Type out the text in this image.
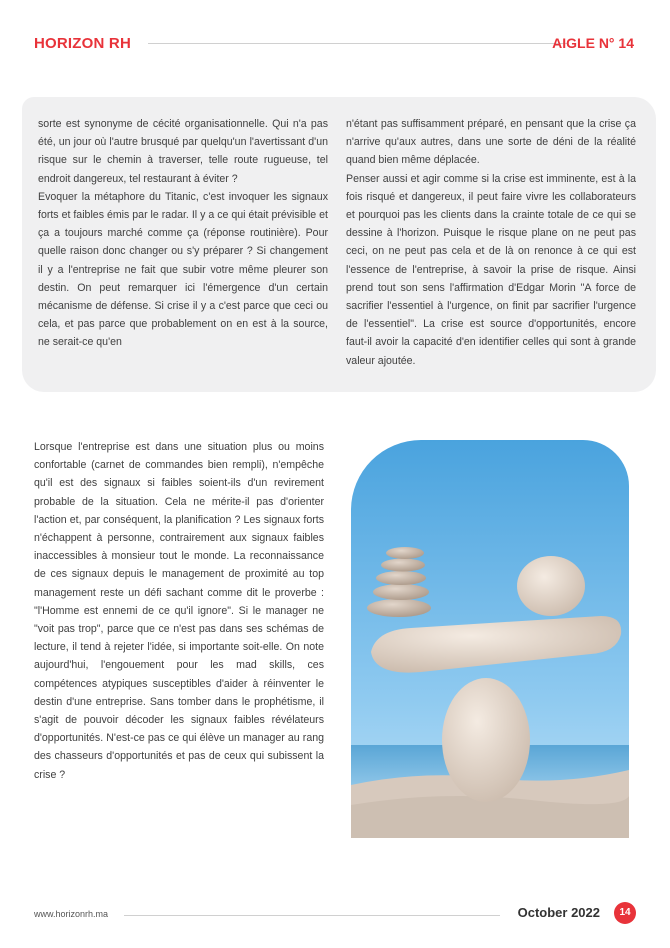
HORIZON RH	AIGLE N° 14

sorte est synonyme de cécité organisationnelle. Qui n'a pas été, un jour où l'autre brusqué par quelqu'un l'avertissant d'un risque sur le chemin à traverser, telle route rugueuse, tel endroit dangereux, tel restaurant à éviter ?

Evoquer la métaphore du Titanic, c'est invoquer les signaux forts et faibles émis par le radar. Il y a ce qui était prévisible et ça a toujours marché comme ça (réponse routinière). Pour quelle raison donc changer ou s'y préparer ? Si changement il y a l'entreprise ne fait que subir votre même pleurer son destin. On peut remarquer ici l'émergence d'un certain mécanisme de défense. Si crise il y a c'est parce que ceci ou cela, et pas parce que probablement on en est à la source, ne serait-ce qu'en

n'étant pas suffisamment préparé, en pensant que la crise ça n'arrive qu'aux autres, dans une sorte de déni de la réalité quand bien même déplacée.

Penser aussi et agir comme si la crise est imminente, est à la fois risqué et dangereux, il peut faire vivre les collaborateurs et pourquoi pas les clients dans la crainte totale de ce qui se dessine à l'horizon. Puisque le risque plane on ne peut pas ceci, on ne peut pas cela et de là on renonce à ce qui est l'essence de l'entreprise, à savoir la prise de risque. Ainsi prend tout son sens l'affirmation d'Edgar Morin "A force de sacrifier l'essentiel à l'urgence, on finit par sacrifier l'urgence de l'essentiel". La crise est source d'opportunités, encore faut-il avoir la capacité d'en identifier celles qui sont à grande valeur ajoutée.

Lorsque l'entreprise est dans une situation plus ou moins confortable (carnet de commandes bien rempli), n'empêche qu'il est des signaux si faibles soient-ils d'un revirement probable de la situation. Cela ne mérite-il pas d'orienter l'action et, par conséquent, la planification ? Les signaux forts n'échappent à personne, contrairement aux signaux faibles inaccessibles à monsieur tout le monde. La reconnaissance de ces signaux depuis le management de proximité au top management reste un défi sachant comme dit le proverbe : "l'Homme est ennemi de ce qu'il ignore". Si le manager ne "voit pas trop", parce que ce n'est pas dans ses schémas de lecture, il tend à rejeter l'idée, si importante soit-elle. On note aujourd'hui, l'engouement pour les mad skills, ces compétences atypiques susceptibles d'aider à réinventer le destin d'une entreprise. Sans tomber dans le prophétisme, il s'agit de pouvoir décoder les signaux faibles révélateurs d'opportunités. N'est-ce pas ce qui élève un manager au rang des chasseurs d'opportunités et pas de ceux qui subissent la crise ?

www.horizonrh.ma	October 2022	14
